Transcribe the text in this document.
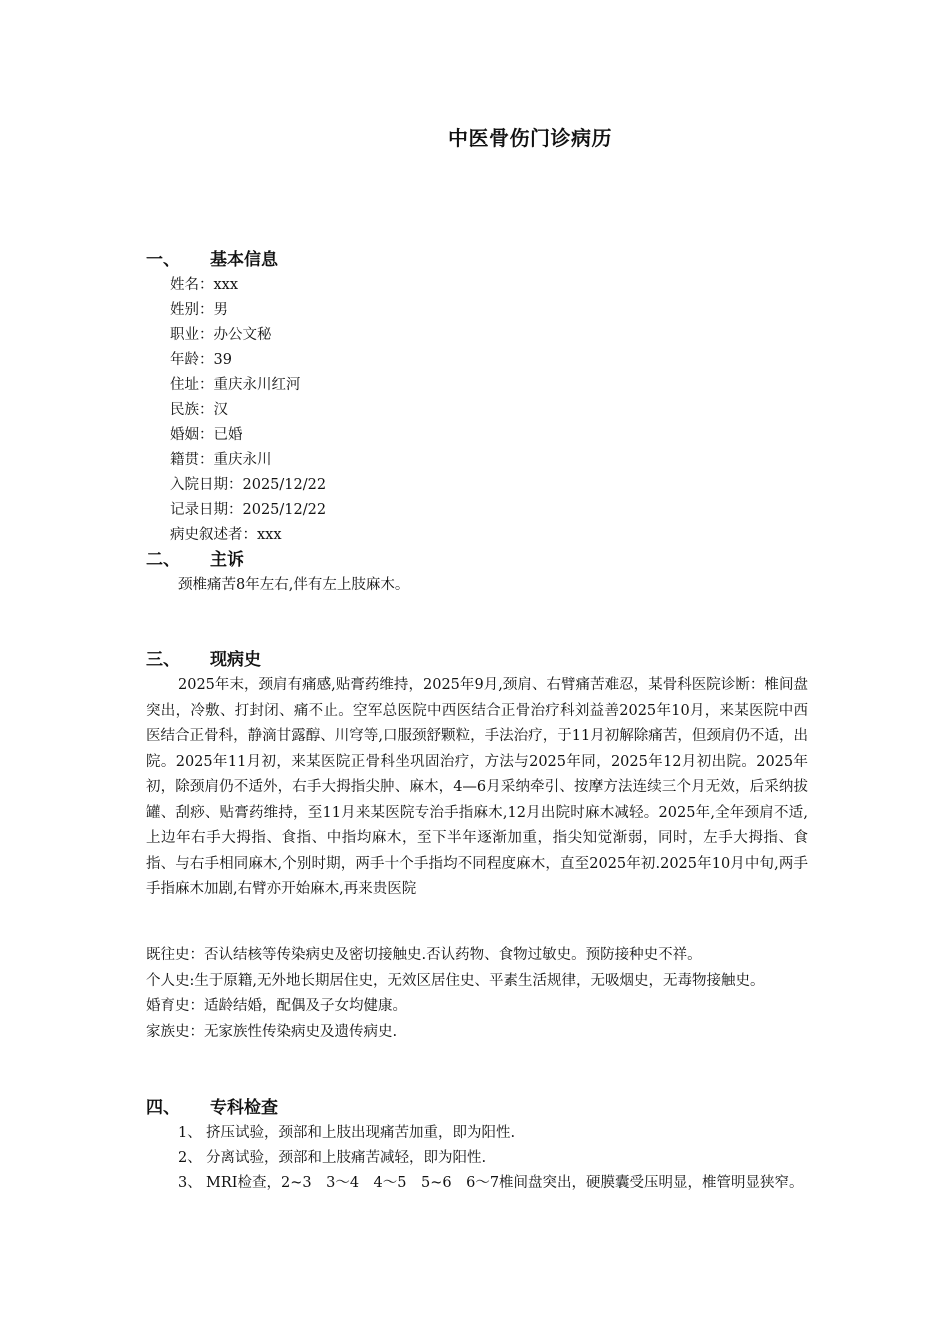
中医骨伤门诊病历
一、 基本信息
姓名：xxx
姓别：男
职业：办公文秘
年龄：39
住址：重庆永川红河
民族：汉
婚姻：已婚
籍贯：重庆永川
入院日期：2025/12/22
记录日期：2025/12/22
病史叙述者：xxx
二、 主诉
颈椎痛苦8年左右,伴有左上肢麻木。
三、 现病史
2025年末，颈肩有痛感,贴膏药维持，2025年9月,颈肩、右臂痛苦难忍，某骨科医院诊断：椎间盘突出，冷敷、打封闭、痛不止。空军总医院中西医结合正骨治疗科刘益善2025年10月，来某医院中西医结合正骨科，静滴甘露醇、川穹等,口服颈舒颗粒，手法治疗，于11月初解除痛苦，但颈肩仍不适，出院。2025年11月初，来某医院正骨科坐巩固治疗，方法与2025年同，2025年12月初出院。2025年初，除颈肩仍不适外，右手大拇指尖肿、麻木，4—6月采纳牵引、按摩方法连续三个月无效，后采纳拔罐、刮痧、贴膏药维持，至11月来某医院专治手指麻木,12月出院时麻木减轻。2025年,全年颈肩不适,上边年右手大拇指、食指、中指均麻木，至下半年逐渐加重，指尖知觉渐弱，同时，左手大拇指、食指、与右手相同麻木,个别时期，两手十个手指均不同程度麻木，直至2025年初.2025年10月中旬,两手手指麻木加剧,右臂亦开始麻木,再来贵医院
既往史：否认结核等传染病史及密切接触史.否认药物、食物过敏史。预防接种史不祥。
个人史:生于原籍,无外地长期居住史，无效区居住史、平素生活规律，无吸烟史，无毒物接触史。
婚育史：适龄结婚，配偶及子女均健康。
家族史：无家族性传染病史及遗传病史.
四、 专科检查
1、 挤压试验，颈部和上肢出现痛苦加重，即为阳性.
2、 分离试验，颈部和上肢痛苦减轻，即为阳性.
3、 MRI检查，2~3　3～4　4～5　5~6　6～7椎间盘突出，硬膜囊受压明显，椎管明显狭窄。
